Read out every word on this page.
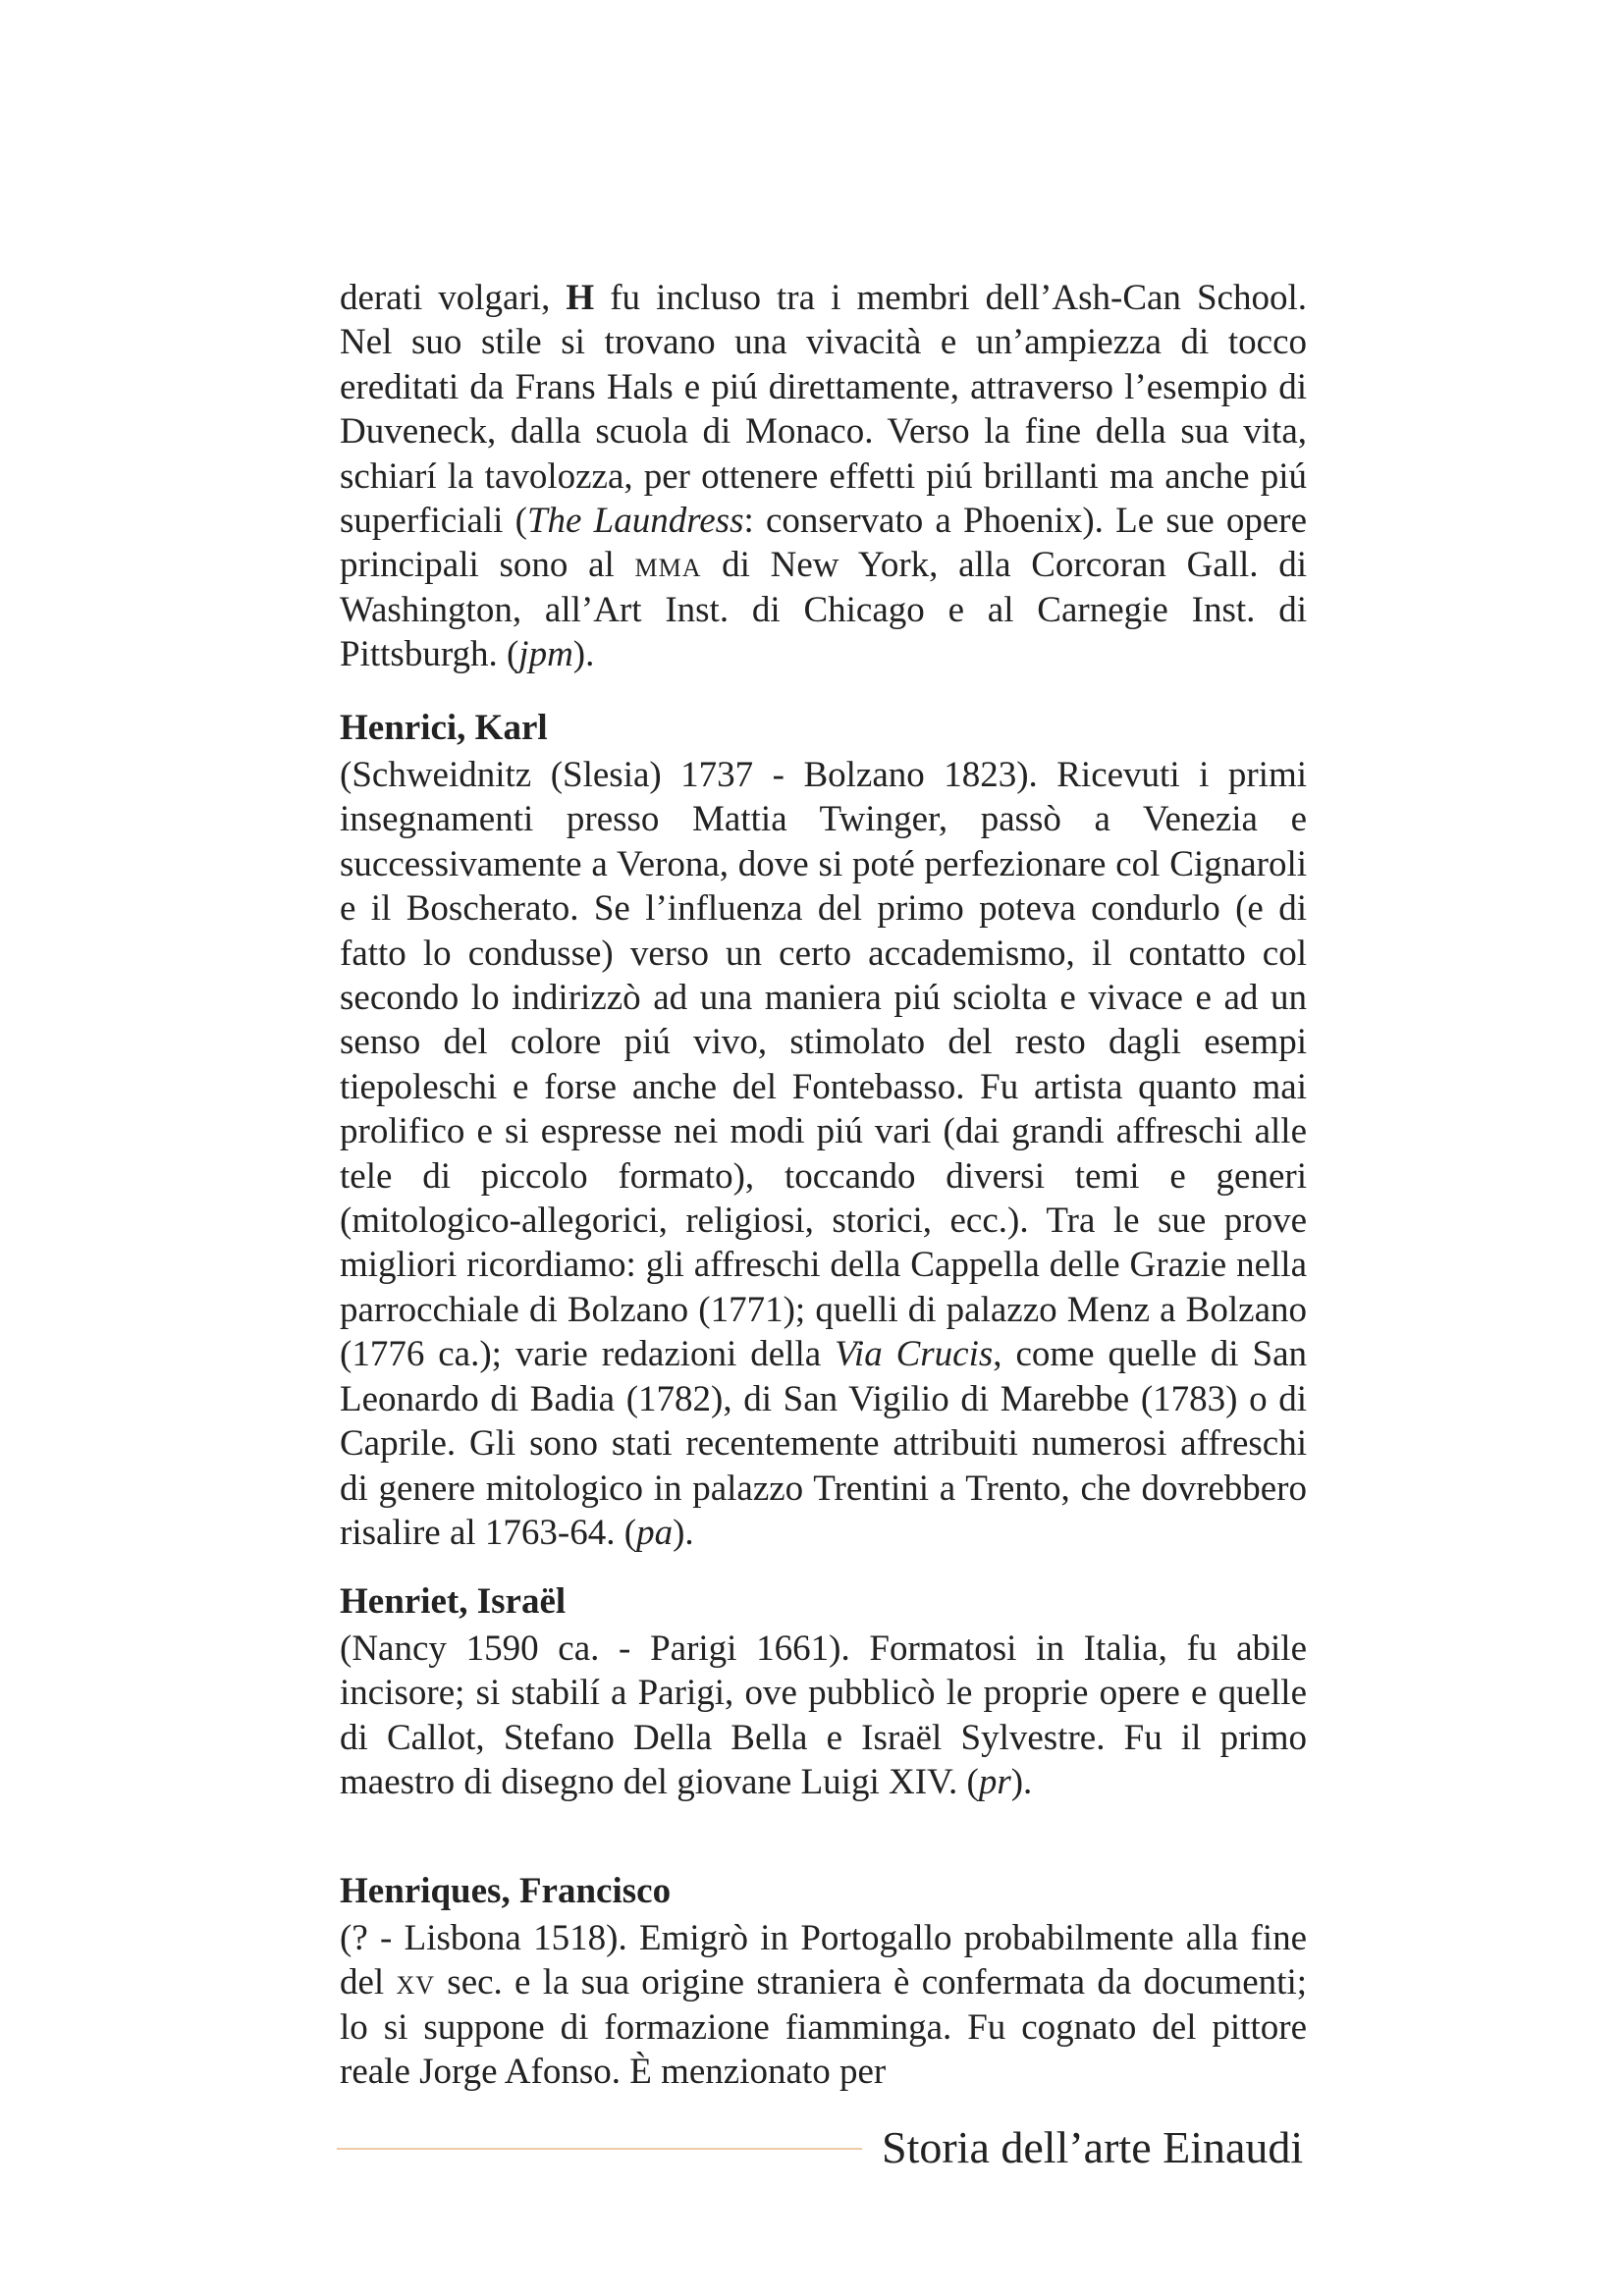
derati volgari, H fu incluso tra i membri dell’Ash-Can School. Nel suo stile si trovano una vivacità e un’ampiezza di tocco ereditati da Frans Hals e piú direttamente, attraverso l’esempio di Duveneck, dalla scuola di Monaco. Verso la fine della sua vita, schiarí la tavolozza, per ottenere effetti piú brillanti ma anche piú superficiali (The Laundress: conservato a Phoenix). Le sue opere principali sono al mma di New York, alla Corcoran Gall. di Washington, all’Art Inst. di Chicago e al Carnegie Inst. di Pittsburgh. (jpm).

Henrici, Karl

(Schweidnitz (Slesia) 1737 - Bolzano 1823). Ricevuti i primi insegnamenti presso Mattia Twinger, passò a Venezia e successivamente a Verona, dove si poté perfezionare col Cignaroli e il Boscherato. Se l’influenza del primo poteva condurlo (e di fatto lo condusse) verso un certo accademismo, il contatto col secondo lo indirizzò ad una maniera piú sciolta e vivace e ad un senso del colore piú vivo, stimolato del resto dagli esempi tiepoleschi e forse anche del Fontebasso. Fu artista quanto mai prolifico e si espresse nei modi piú vari (dai grandi affreschi alle tele di piccolo formato), toccando diversi temi e generi (mitologico-allegorici, religiosi, storici, ecc.). Tra le sue prove migliori ricordiamo: gli affreschi della Cappella delle Grazie nella parrocchiale di Bolzano (1771); quelli di palazzo Menz a Bolzano (1776 ca.); varie redazioni della Via Crucis, come quelle di San Leonardo di Badia (1782), di San Vigilio di Marebbe (1783) o di Caprile. Gli sono stati recentemente attribuiti numerosi affreschi di genere mitologico in palazzo Trentini a Trento, che dovrebbero risalire al 1763-64. (pa).

Henriet, Israël

(Nancy 1590 ca. - Parigi 1661). Formatosi in Italia, fu abile incisore; si stabilí a Parigi, ove pubblicò le proprie opere e quelle di Callot, Stefano Della Bella e Israël Sylvestre. Fu il primo maestro di disegno del giovane Luigi XIV. (pr).

Henriques, Francisco

(? - Lisbona 1518). Emigrò in Portogallo probabilmente alla fine del xv sec. e la sua origine straniera è confermata da documenti; lo si suppone di formazione fiamminga. Fu cognato del pittore reale Jorge Afonso. È menzionato per

Storia dell’arte Einaudi
